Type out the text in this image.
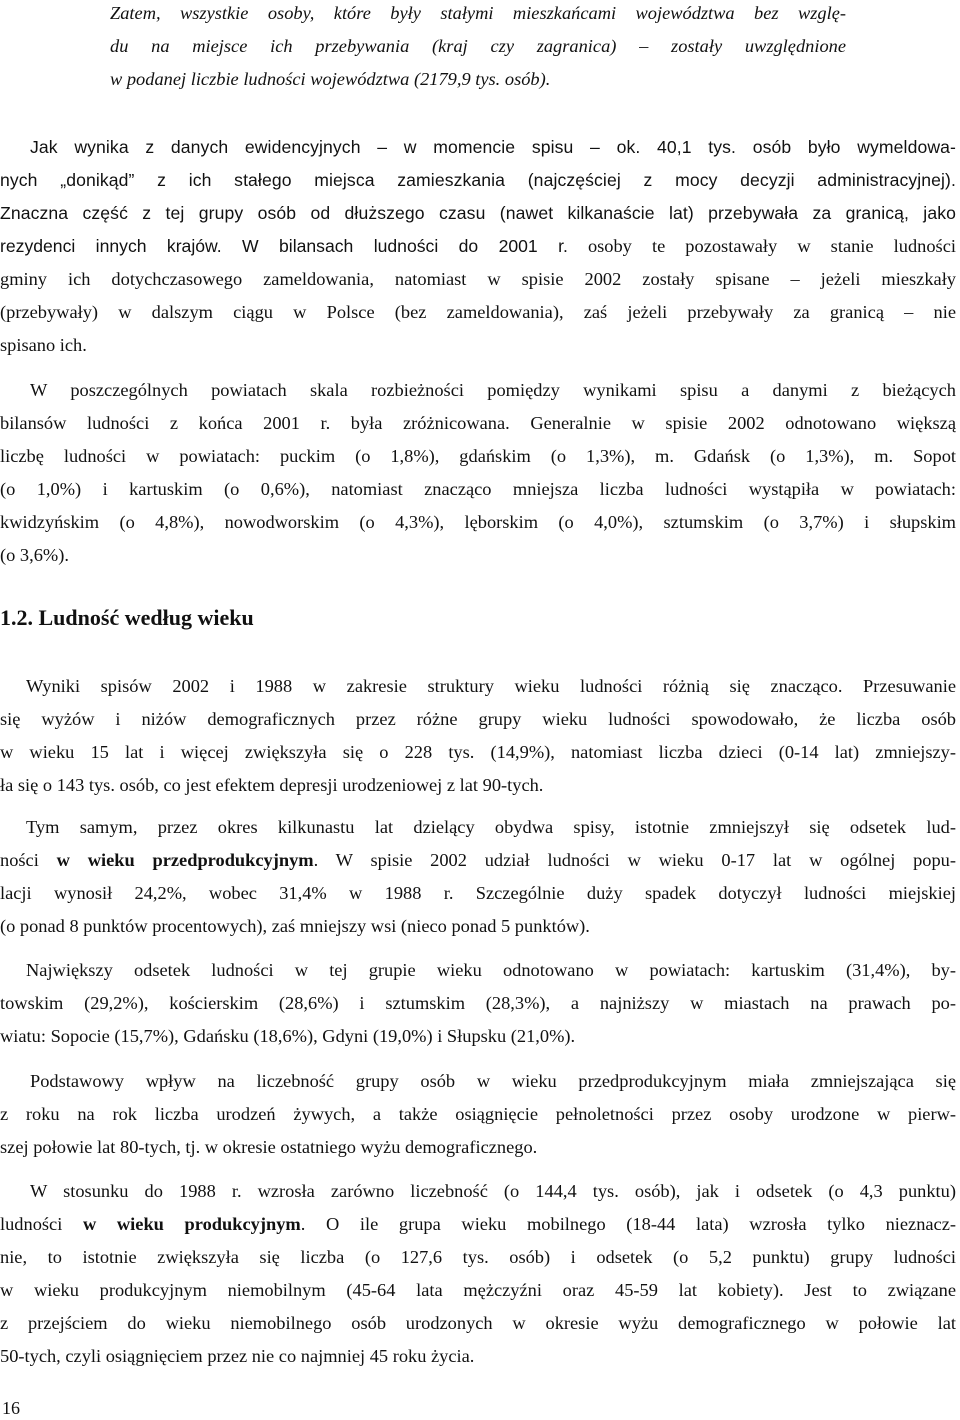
Zatem, wszystkie osoby, które były stałymi mieszkańcami województwa bez wzglę-
du na miejsce ich przebywania (kraj czy zagranica) – zostały uwzględnione
w podanej liczbie ludności województwa (2179,9 tys. osób).
Jak wynika z danych ewidencyjnych – w momencie spisu – ok. 40,1 tys. osób było wymeldowa-
nych „donikąd” z ich stałego miejsca zamieszkania (najczęściej z mocy decyzji administracyjnej).
Znaczna część z tej grupy osób od dłuższego czasu (nawet kilkanaście lat) przebywała za granicą, jako
rezydenci innych krajów. W bilansach ludności do 2001 r. osoby te pozostawały w stanie ludności
gminy ich dotychczasowego zameldowania, natomiast w spisie 2002 zostały spisane – jeżeli mieszkały
(przebywały) w dalszym ciągu w Polsce (bez zameldowania), zaś jeżeli przebywały za granicą – nie
spisano ich.
W poszczególnych powiatach skala rozbieżności pomiędzy wynikami spisu a danymi z bieżących
bilansów ludności z końca 2001 r. była zróżnicowana. Generalnie w spisie 2002 odnotowano większą
liczbę ludności w powiatach: puckim (o 1,8%), gdańskim (o 1,3%), m. Gdańsk (o 1,3%), m. Sopot
(o 1,0%) i kartuskim (o 0,6%), natomiast znacząco mniejsza liczba ludności wystąpiła w powiatach:
kwidzyńskim (o 4,8%), nowodworskim (o 4,3%), lęborskim (o 4,0%), sztumskim (o 3,7%) i słupskim
(o 3,6%).
1.2. Ludność według wieku
Wyniki spisów 2002 i 1988 w zakresie struktury wieku ludności różnią się znacząco. Przesuwanie
się wyżów i niżów demograficznych przez różne grupy wieku ludności spowodowało, że liczba osób
w wieku 15 lat i więcej zwiększyła się o 228 tys. (14,9%), natomiast liczba dzieci (0-14 lat) zmniejszy-
ła się o 143 tys. osób, co jest efektem depresji urodzeniowej z lat 90-tych.
Tym samym, przez okres kilkunastu lat dzielący obydwa spisy, istotnie zmniejszył się odsetek lud-
ności w wieku przedprodukcyjnym. W spisie 2002 udział ludności w wieku 0-17 lat w ogólnej popu-
lacji wynosił 24,2%, wobec 31,4% w 1988 r. Szczególnie duży spadek dotyczył ludności miejskiej
(o ponad 8 punktów procentowych), zaś mniejszy wsi (nieco ponad 5 punktów).
Największy odsetek ludności w tej grupie wieku odnotowano w powiatach: kartuskim (31,4%), by-
towskim (29,2%), kościerskim (28,6%) i sztumskim (28,3%), a najniższy w miastach na prawach po-
wiatu: Sopocie (15,7%), Gdańsku (18,6%), Gdyni (19,0%) i Słupsku (21,0%).
Podstawowy wpływ na liczebność grupy osób w wieku przedprodukcyjnym miała zmniejszająca się
z roku na rok liczba urodzeń żywych, a także osiągnięcie pełnoletności przez osoby urodzone w pierw-
szej połowie lat 80-tych, tj. w okresie ostatniego wyżu demograficznego.
W stosunku do 1988 r. wzrosła zarówno liczebność (o 144,4 tys. osób), jak i odsetek (o 4,3 punktu)
ludności w wieku produkcyjnym. O ile grupa wieku mobilnego (18-44 lata) wzrosła tylko nieznacz-
nie, to istotnie zwiększyła się liczba (o 127,6 tys. osób) i odsetek (o 5,2 punktu) grupy ludności
w wieku produkcyjnym niemobilnym (45-64 lata mężczyźni oraz 45-59 lat kobiety). Jest to związane
z przejściem do wieku niemobilnego osób urodzonych w okresie wyżu demograficznego w połowie lat
50-tych, czyli osiągnięciem przez nie co najmniej 45 roku życia.
16
